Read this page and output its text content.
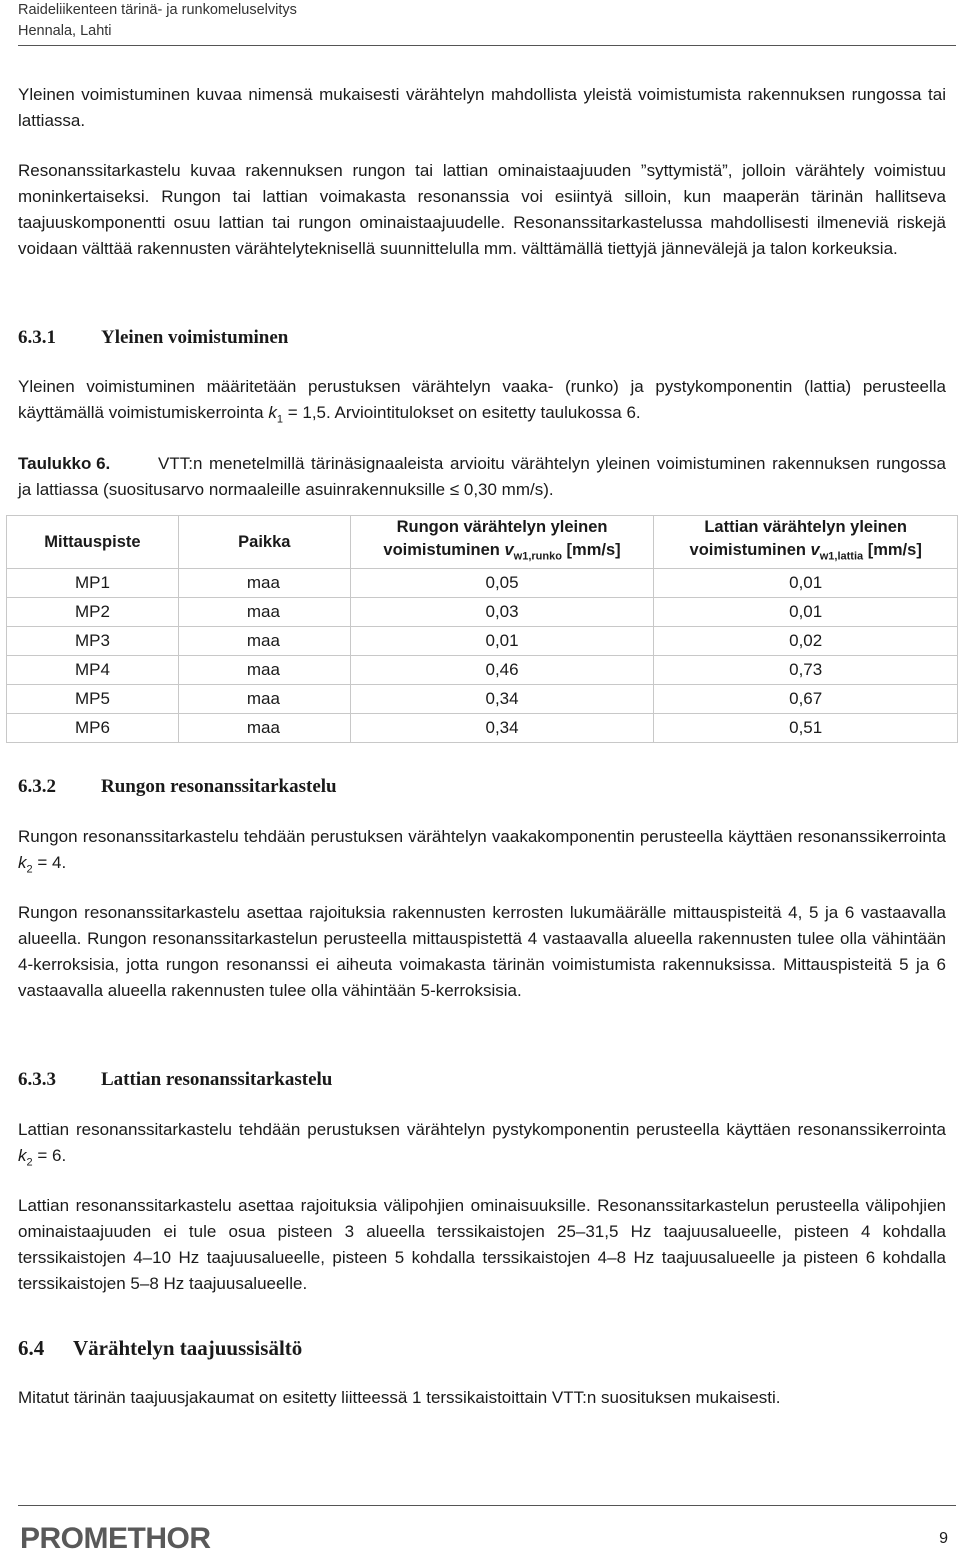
Raideliikenteen tärinä- ja runkomeluselvitys
Hennala, Lahti

Yleinen voimistuminen kuvaa nimensä mukaisesti värähtelyn mahdollista yleistä voimistumista rakennuksen rungossa tai lattiassa.

Resonanssitarkastelu kuvaa rakennuksen rungon tai lattian ominaistaajuuden ”syttymistä”, jolloin värähtely voimistuu moninkertaiseksi. Rungon tai lattian voimakasta resonanssia voi esiintyä silloin, kun maaperän tärinän hallitseva taajuuskomponentti osuu lattian tai rungon ominaistaajuudelle. Resonanssitarkastelussa mahdollisesti ilmeneviä riskejä voidaan välttää rakennusten värähtelyteknisellä suunnittelulla mm. välttämällä tiettyjä jännevälejä ja talon korkeuksia.

6.3.1 Yleinen voimistuminen

Yleinen voimistuminen määritetään perustuksen värähtelyn vaaka- (runko) ja pystykomponentin (lattia) perusteella käyttämällä voimistumiskerrointa $k_1 = 1,5$. Arviointitulokset on esitetty taulukossa 6.

Taulukko 6.	VTT:n menetelmillä tärinäsignaaleista arvioitu värähtelyn yleinen voimistuminen rakennuksen rungossa ja lattiassa (suositusarvo normaaleille asuinrakennuksille ≤ 0,30 mm/s).

Mittauspiste	Paikka	Rungon värähtelyn yleinen
voimistuminen $v_{w1,runko}$ [mm/s]	Lattian värähtelyn yleinen
voimistuminen $v_{w1,lattia}$ [mm/s]
MP1	maa	0,05	0,01
MP2	maa	0,03	0,01
MP3	maa	0,01	0,02
MP4	maa	0,46	0,73
MP5	maa	0,34	0,67
MP6	maa	0,34	0,51
6.3.2 Rungon resonanssitarkastelu

Rungon resonanssitarkastelu tehdään perustuksen värähtelyn vaakakomponentin perusteella käyttäen resonanssikerrointa $k_2 = 4$.

Rungon resonanssitarkastelu asettaa rajoituksia rakennusten kerrosten lukumäärälle mittauspisteitä 4, 5 ja 6 vastaavalla alueella. Rungon resonanssitarkastelun perusteella mittauspistettä 4 vastaavalla alueella rakennusten tulee olla vähintään 4-kerroksisia, jotta rungon resonanssi ei aiheuta voimakasta tärinän voimistumista rakennuksissa. Mittauspisteitä 5 ja 6 vastaavalla alueella rakennusten tulee olla vähintään 5-kerroksisia.

6.3.3 Lattian resonanssitarkastelu

Lattian resonanssitarkastelu tehdään perustuksen värähtelyn pystykomponentin perusteella käyttäen resonanssikerrointa $k_2 = 6$.

Lattian resonanssitarkastelu asettaa rajoituksia välipohjien ominaisuuksille. Resonanssitarkastelun perusteella välipohjien ominaistaajuuden ei tule osua pisteen 3 alueella terssikaistojen 25–31,5 Hz taajuusalueelle, pisteen 4 kohdalla terssikaistojen 4–10 Hz taajuusalueelle, pisteen 5 kohdalla terssikaistojen 4–8 Hz taajuusalueelle ja pisteen 6 kohdalla terssikaistojen 5–8 Hz taajuusalueelle.

6.4 Värähtelyn taajuussisältö

Mitatut tärinän taajuusjakaumat on esitetty liitteessä 1 terssikaistoittain VTT:n suosituksen mukaisesti.

PROMETHOR	9
